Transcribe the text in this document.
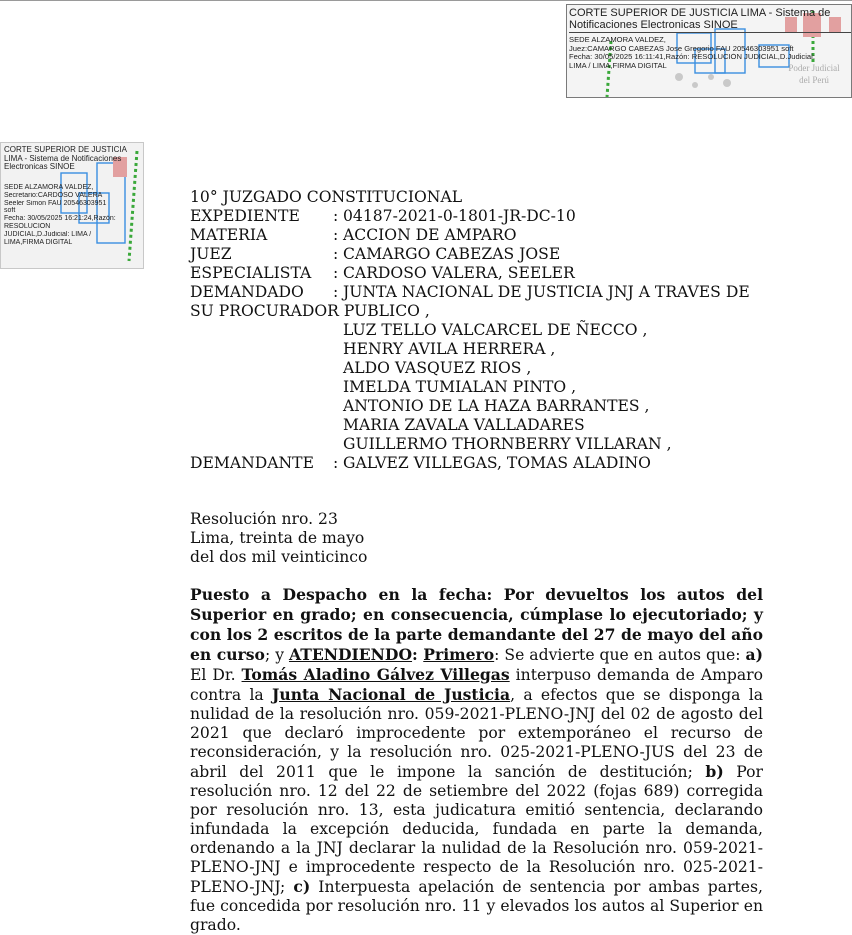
CORTE SUPERIOR DE JUSTICIA LIMA - Sistema de Notificaciones Electronicas SINOE
SEDE ALZAMORA VALDEZ,
Juez:CAMARGO CABEZAS Jose Gregorio FAU 20546303951 soft
Fecha: 30/05/2025 16:11:41,Razón: RESOLUCIÓN JUDICIAL,D.Judicial:
LIMA / LIMA,FIRMA DIGITAL	Poder Judicial
del Perú
CORTE SUPERIOR DE JUSTICIA LIMA - Sistema de Notificaciones Electronicas SINOE
SEDE ALZAMORA VALDEZ,
Secretario:CARDOSO VALERA
Seeler Simon FAU 20546303951
soft
Fecha: 30/05/2025 16:21:24,Razón:
RESOLUCIÓN
JUDICIAL,D.Judicial: LIMA /
LIMA,FIRMA DIGITAL
10° JUZGADO CONSTITUCIONAL
EXPEDIENTE	: 04187-2021-0-1801-JR-DC-10
MATERIA	: ACCION DE AMPARO
JUEZ	: CAMARGO CABEZAS JOSE
ESPECIALISTA	: CARDOSO VALERA, SEELER
DEMANDADO	: JUNTA NACIONAL DE JUSTICIA JNJ A TRAVES DE
SU PROCURADOR PUBLICO ,
LUZ TELLO VALCARCEL DE ÑECCO ,
HENRY AVILA HERRERA ,
ALDO VASQUEZ RIOS ,
IMELDA TUMIALAN PINTO ,
ANTONIO DE LA HAZA BARRANTES ,
MARIA ZAVALA VALLADARES
GUILLERMO THORNBERRY VILLARAN ,
DEMANDANTE	: GALVEZ VILLEGAS, TOMAS ALADINO
Resolución nro. 23
Lima, treinta de mayo
del dos mil veinticinco

Puesto a Despacho en la fecha: Por devueltos los autos del Superior en grado; en consecuencia, cúmplase lo ejecutoriado; y con los 2 escritos de la parte demandante del 27 de mayo del año en curso; y ATENDIENDO: Primero: Se advierte que en autos que: a) El Dr. Tomás Aladino Gálvez Villegas interpuso demanda de Amparo contra la Junta Nacional de Justicia, a efectos que se disponga la nulidad de la resolución nro. 059-2021-PLENO-JNJ del 02 de agosto del 2021 que declaró improcedente por extemporáneo el recurso de reconsideración, y la resolución nro. 025-2021-PLENO-JUS del 23 de abril del 2011 que le impone la sanción de destitución; b) Por resolución nro. 12 del 22 de setiembre del 2022 (fojas 689) corregida por resolución nro. 13, esta judicatura emitió sentencia, declarando infundada la excepción deducida, fundada en parte la demanda, ordenando a la JNJ declarar la nulidad de la Resolución nro. 059-2021-PLENO-JNJ e improcedente respecto de la Resolución nro. 025-2021-PLENO-JNJ; c) Interpuesta apelación de sentencia por ambas partes, fue concedida por resolución nro. 11 y elevados los autos al Superior en grado.
